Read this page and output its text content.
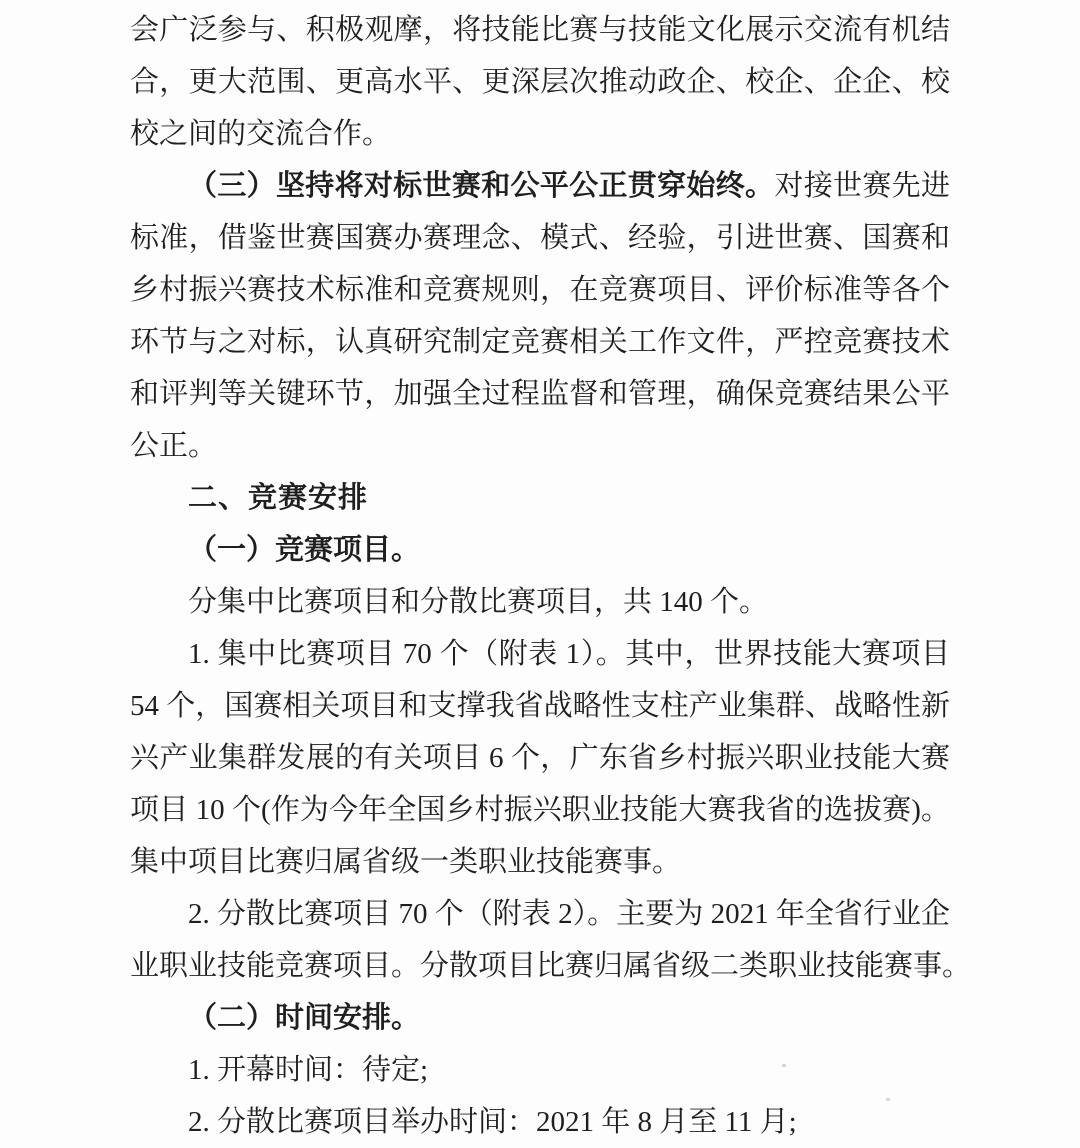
会广泛参与、积极观摩，将技能比赛与技能文化展示交流有机结
合，更大范围、更高水平、更深层次推动政企、校企、企企、校
校之间的交流合作。
（三）坚持将对标世赛和公平公正贯穿始终。对接世赛先进
标准，借鉴世赛国赛办赛理念、模式、经验，引进世赛、国赛和
乡村振兴赛技术标准和竞赛规则，在竞赛项目、评价标准等各个
环节与之对标，认真研究制定竞赛相关工作文件，严控竞赛技术
和评判等关键环节，加强全过程监督和管理，确保竞赛结果公平
公正。
二、竞赛安排
（一）竞赛项目。
分集中比赛项目和分散比赛项目，共 140 个。
1. 集中比赛项目 70 个（附表 1）。其中，世界技能大赛项目
54 个，国赛相关项目和支撑我省战略性支柱产业集群、战略性新
兴产业集群发展的有关项目 6 个，广东省乡村振兴职业技能大赛
项目 10 个(作为今年全国乡村振兴职业技能大赛我省的选拔赛)。
集中项目比赛归属省级一类职业技能赛事。
2. 分散比赛项目 70 个（附表 2）。主要为 2021 年全省行业企
业职业技能竞赛项目。分散项目比赛归属省级二类职业技能赛事。
（二）时间安排。
1. 开幕时间：待定;
2. 分散比赛项目举办时间：2021 年 8 月至 11 月;
